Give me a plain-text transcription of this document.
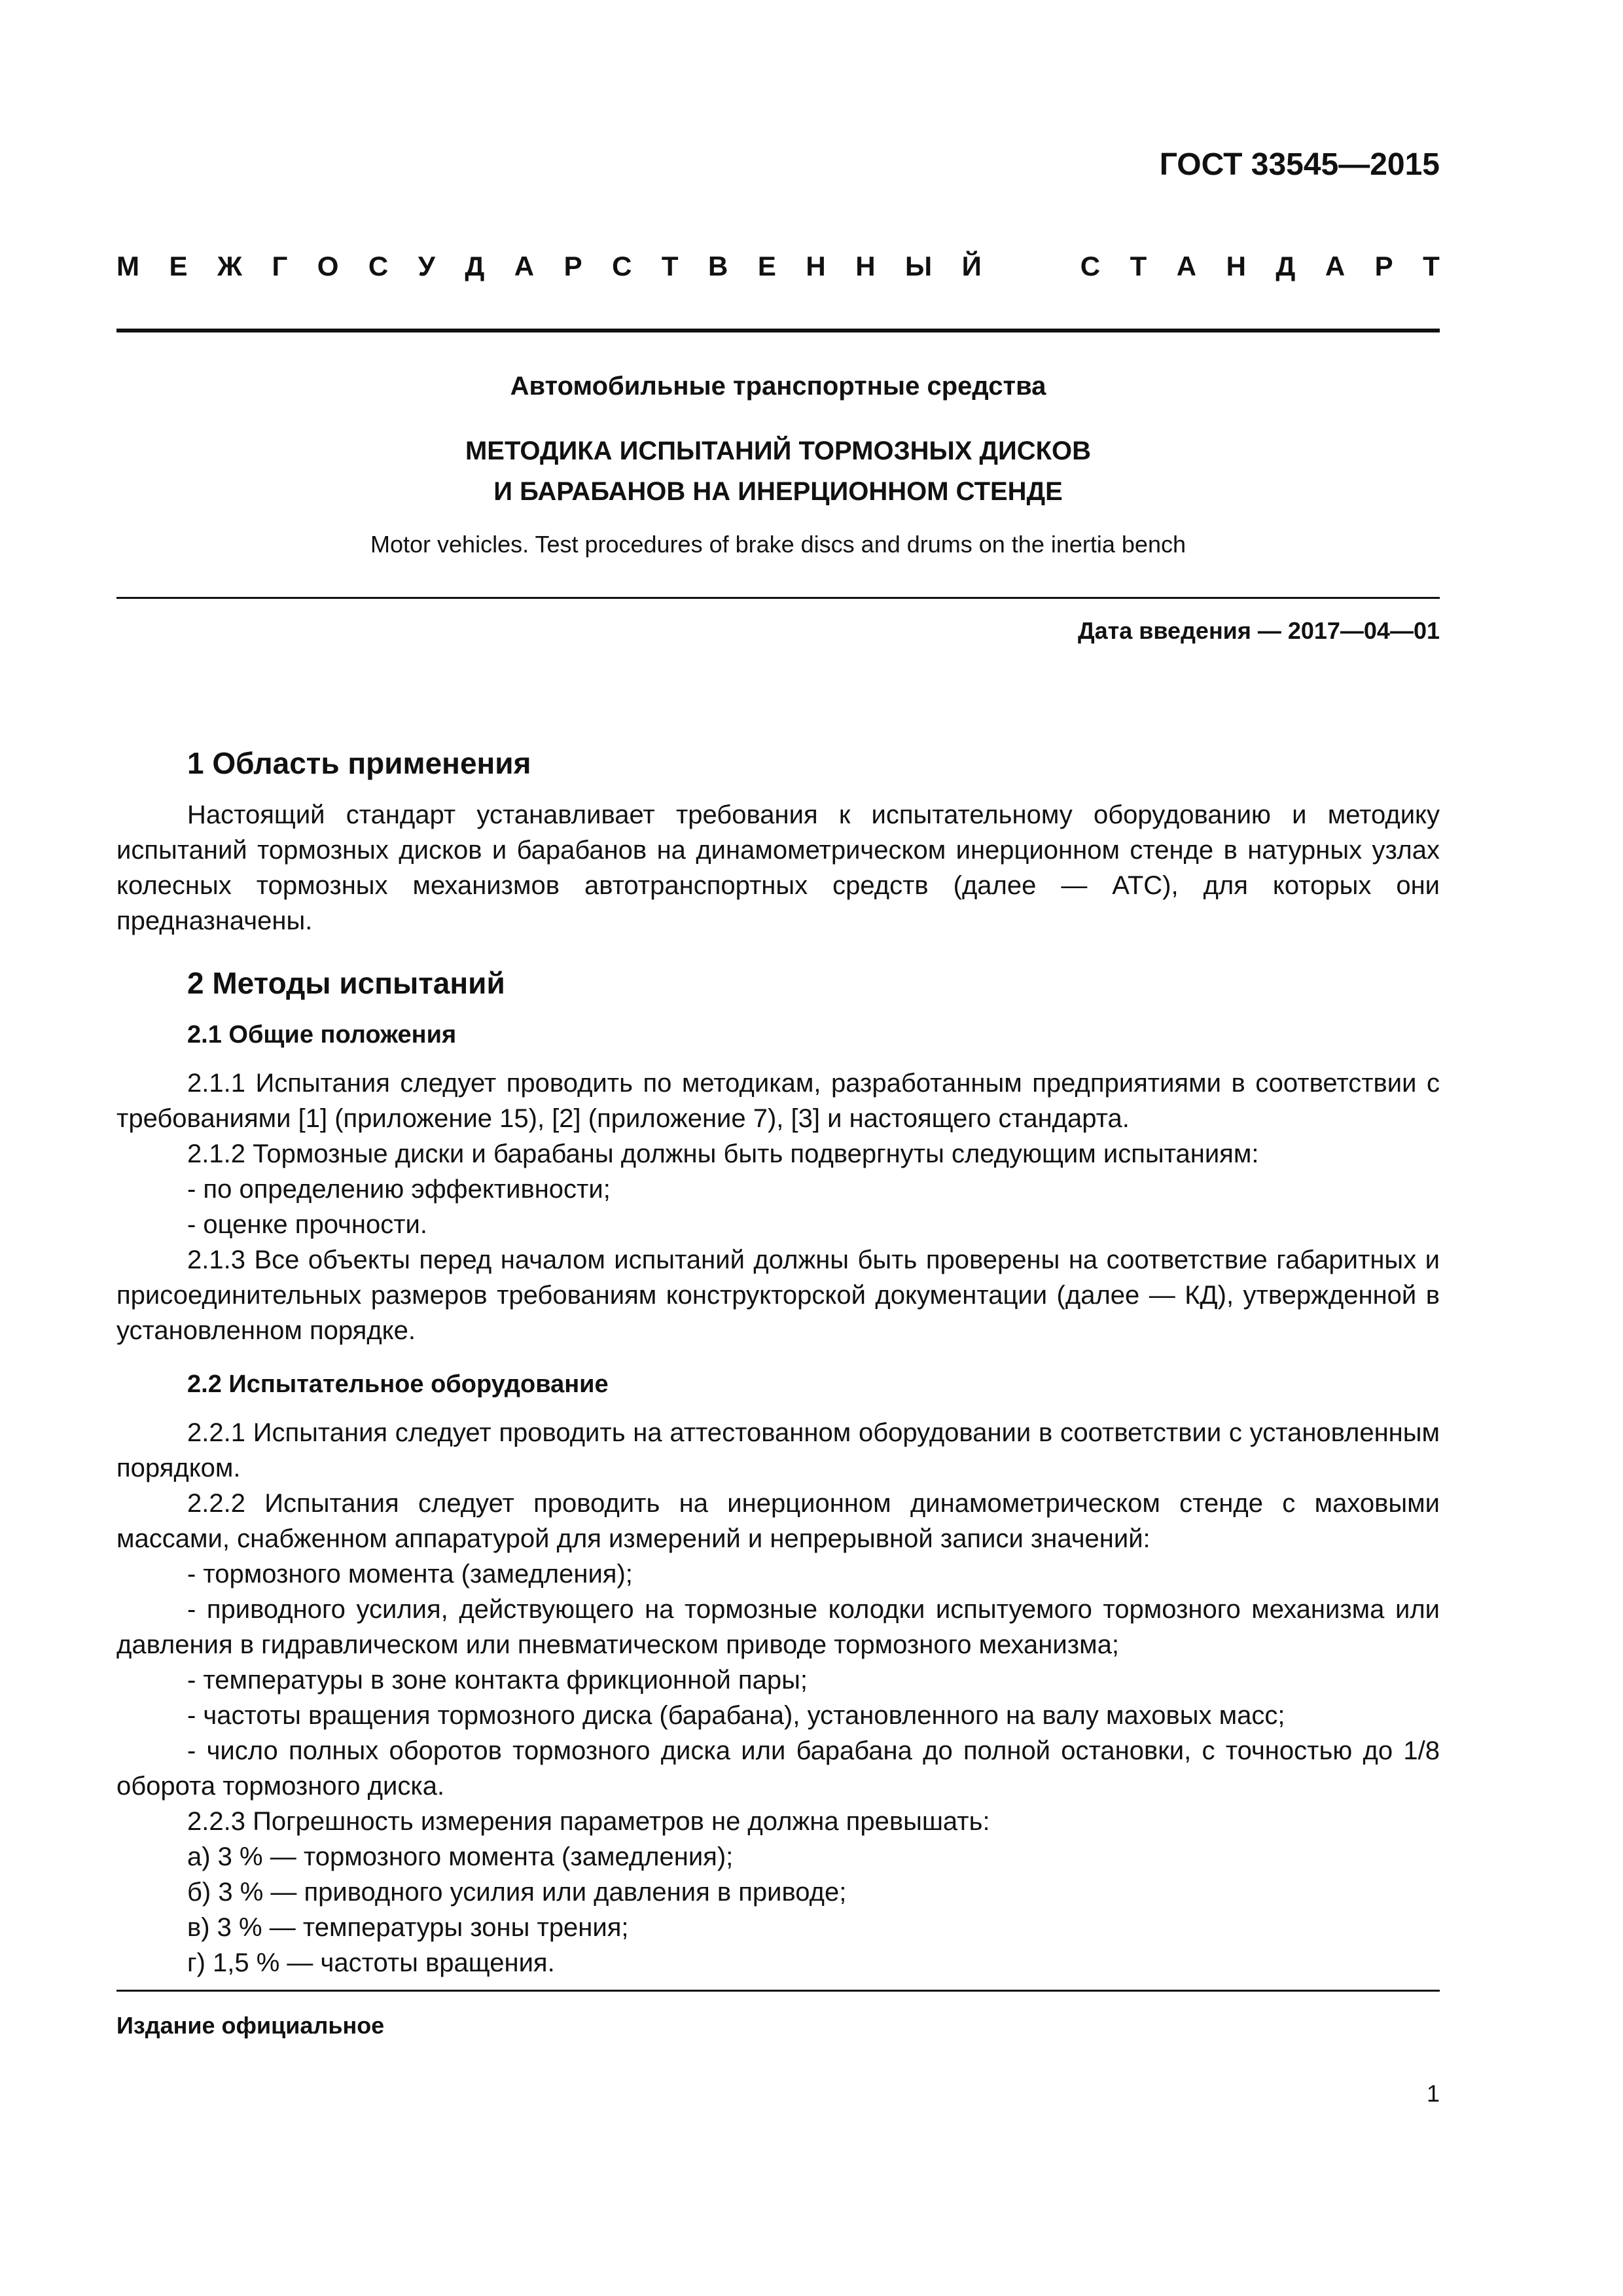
ГОСТ 33545—2015
М Е Ж Г О С У Д А Р С Т В Е Н Н Ы Й	С Т А Н Д А Р Т
Автомобильные транспортные средства
МЕТОДИКА ИСПЫТАНИЙ ТОРМОЗНЫХ ДИСКОВ
И БАРАБАНОВ НА ИНЕРЦИОННОМ СТЕНДЕ
Motor vehicles. Test procedures of brake discs and drums on the inertia bench
Дата введения — 2017—04—01
1 Область применения

Настоящий стандарт устанавливает требования к испытательному оборудованию и методику испытаний тормозных дисков и барабанов на динамометрическом инерционном стенде в натурных узлах колесных тормозных механизмов автотранспортных средств (далее — АТС), для которых они предназначены.

2 Методы испытаний
2.1 Общие положения

2.1.1 Испытания следует проводить по методикам, разработанным предприятиями в соответствии с требованиями [1] (приложение 15), [2] (приложение 7), [3] и настоящего стандарта.

2.1.2 Тормозные диски и барабаны должны быть подвергнуты следующим испытаниям:

- по определению эффективности;

- оценке прочности.

2.1.3 Все объекты перед началом испытаний должны быть проверены на соответствие габаритных и присоединительных размеров требованиям конструкторской документации (далее — КД), утвержденной в установленном порядке.

2.2 Испытательное оборудование

2.2.1 Испытания следует проводить на аттестованном оборудовании в соответствии с установленным порядком.

2.2.2 Испытания следует проводить на инерционном динамометрическом стенде с маховыми массами, снабженном аппаратурой для измерений и непрерывной записи значений:

- тормозного момента (замедления);

- приводного усилия, действующего на тормозные колодки испытуемого тормозного механизма или давления в гидравлическом или пневматическом приводе тормозного механизма;

- температуры в зоне контакта фрикционной пары;

- частоты вращения тормозного диска (барабана), установленного на валу маховых масс;

- число полных оборотов тормозного диска или барабана до полной остановки, с точностью до 1/8 оборота тормозного диска.

2.2.3 Погрешность измерения параметров не должна превышать:

а) 3 % — тормозного момента (замедления);

б) 3 % — приводного усилия или давления в приводе;

в) 3 % — температуры зоны трения;

г) 1,5 % — частоты вращения.

Издание официальное
1
